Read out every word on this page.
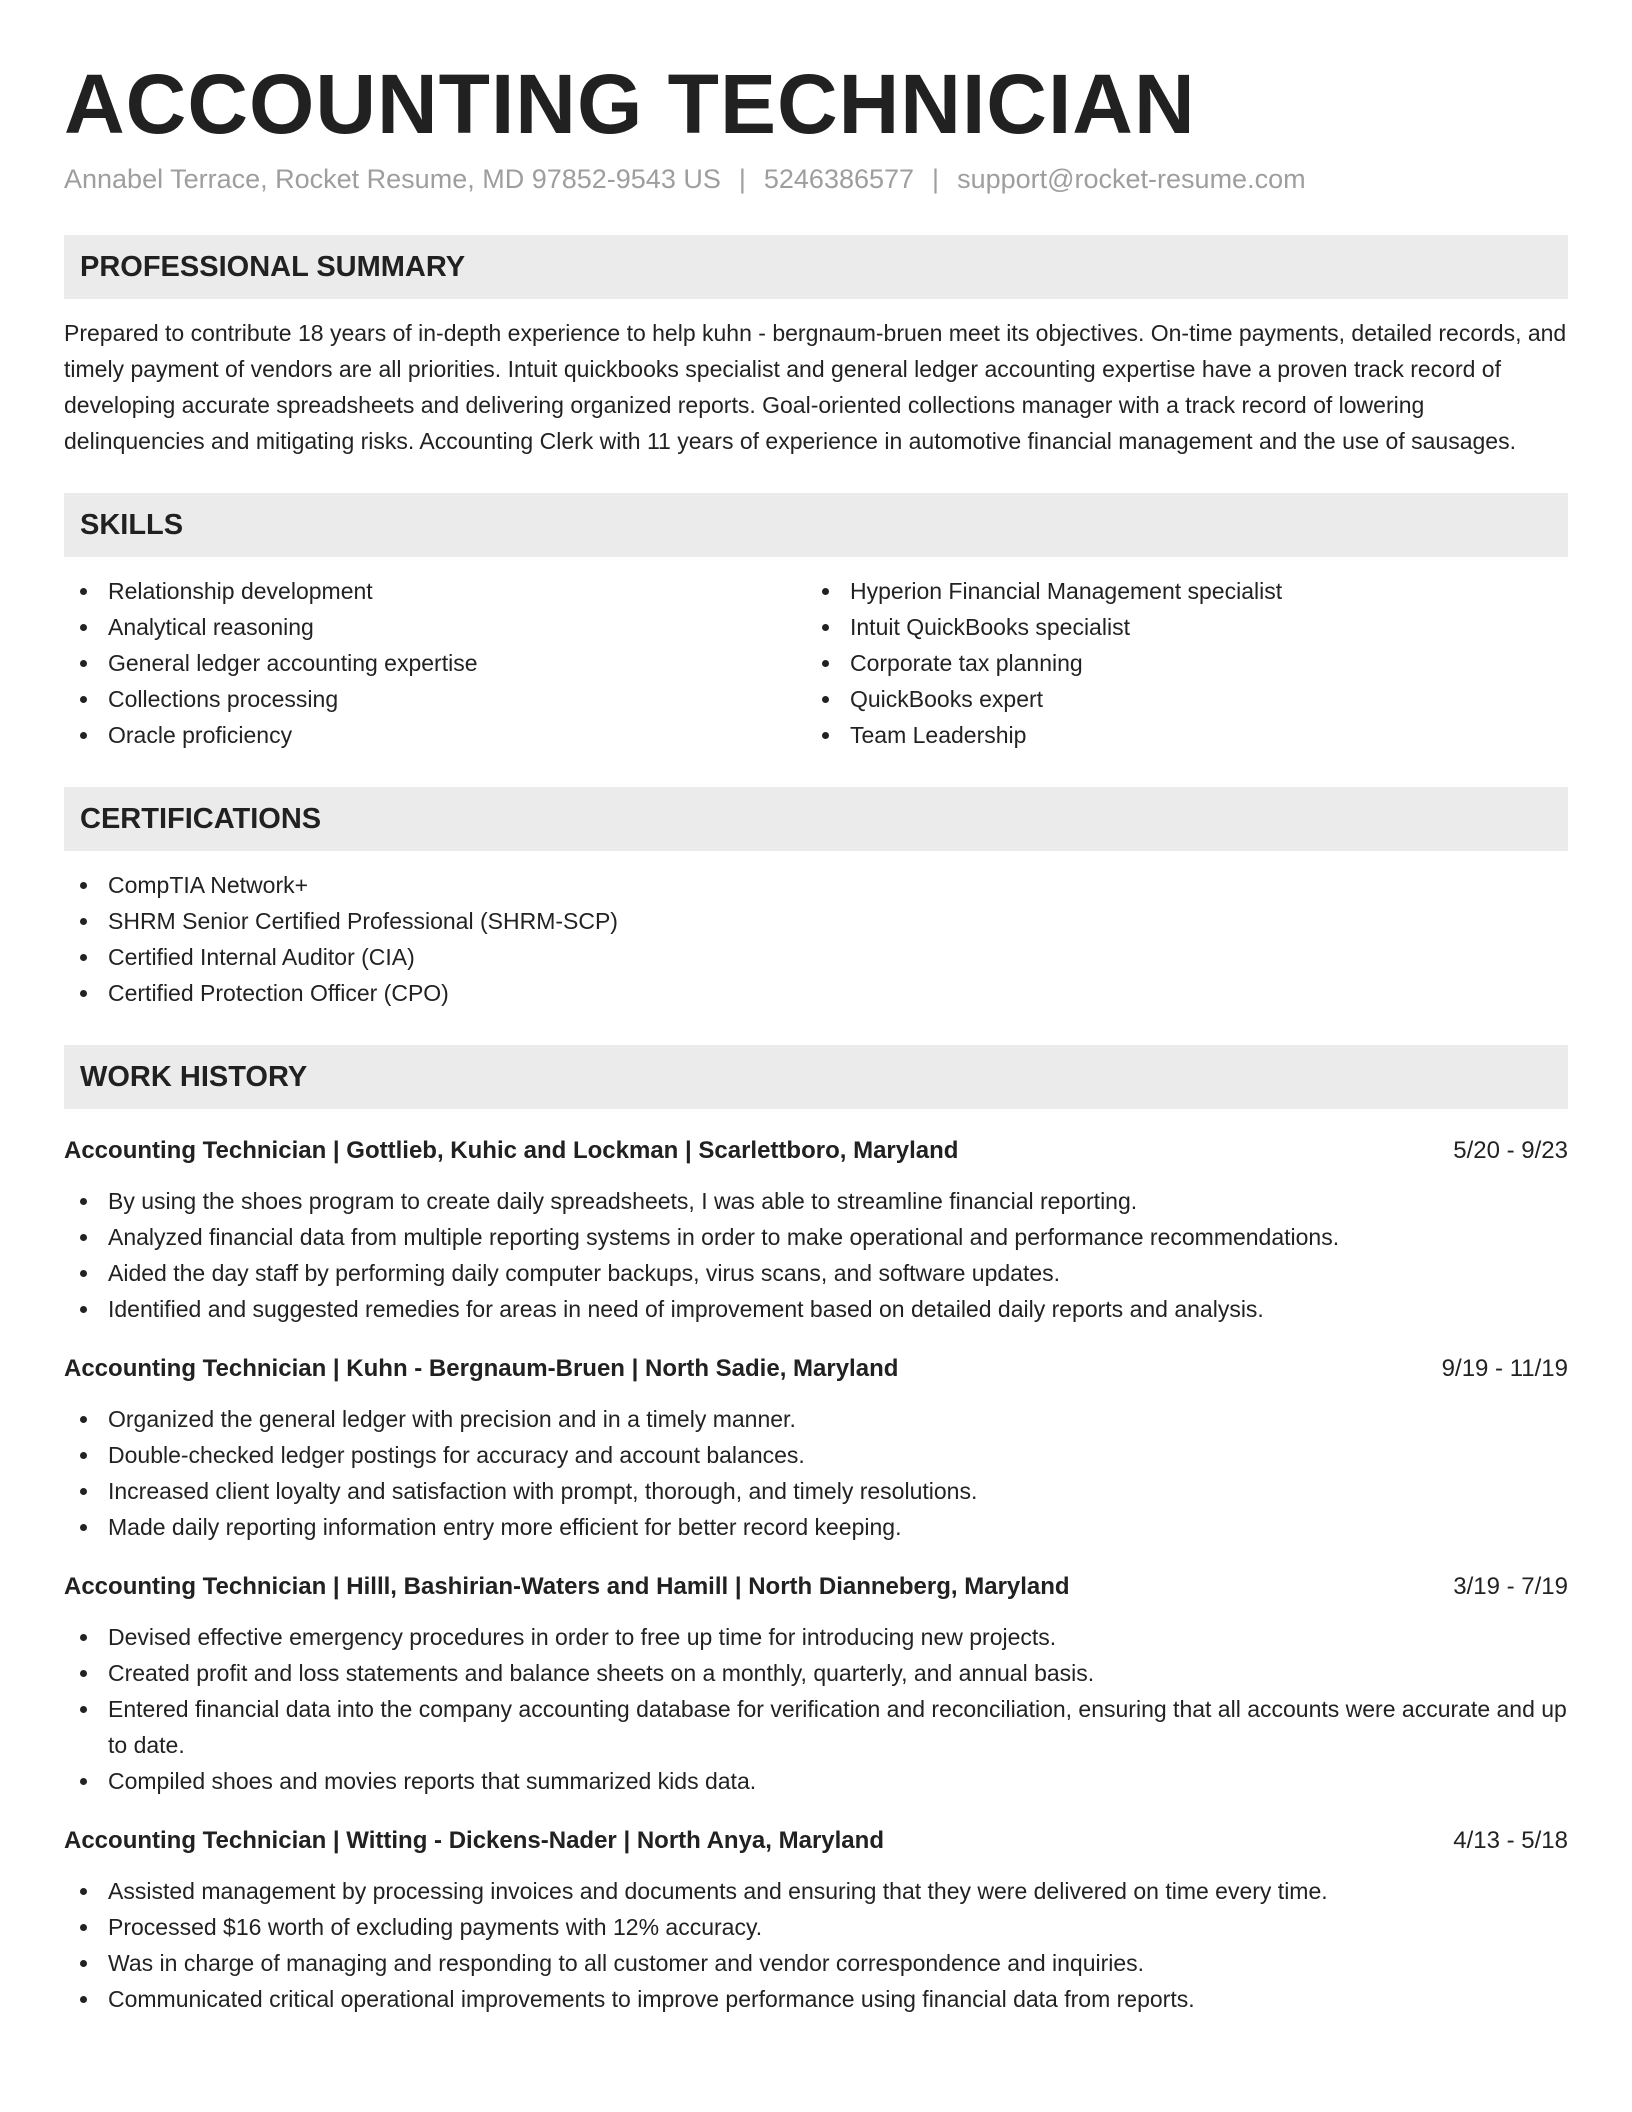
ACCOUNTING TECHNICIAN
Annabel Terrace, Rocket Resume, MD 97852-9543 US | 5246386577 | support@rocket-resume.com
PROFESSIONAL SUMMARY
Prepared to contribute 18 years of in-depth experience to help kuhn - bergnaum-bruen meet its objectives. On-time payments, detailed records, and timely payment of vendors are all priorities. Intuit quickbooks specialist and general ledger accounting expertise have a proven track record of developing accurate spreadsheets and delivering organized reports. Goal-oriented collections manager with a track record of lowering delinquencies and mitigating risks. Accounting Clerk with 11 years of experience in automotive financial management and the use of sausages.
SKILLS
Relationship development
Analytical reasoning
General ledger accounting expertise
Collections processing
Oracle proficiency
Hyperion Financial Management specialist
Intuit QuickBooks specialist
Corporate tax planning
QuickBooks expert
Team Leadership
CERTIFICATIONS
CompTIA Network+
SHRM Senior Certified Professional (SHRM-SCP)
Certified Internal Auditor (CIA)
Certified Protection Officer (CPO)
WORK HISTORY
Accounting Technician | Gottlieb, Kuhic and Lockman | Scarlettboro, Maryland	5/20 - 9/23
By using the shoes program to create daily spreadsheets, I was able to streamline financial reporting.
Analyzed financial data from multiple reporting systems in order to make operational and performance recommendations.
Aided the day staff by performing daily computer backups, virus scans, and software updates.
Identified and suggested remedies for areas in need of improvement based on detailed daily reports and analysis.
Accounting Technician | Kuhn - Bergnaum-Bruen | North Sadie, Maryland	9/19 - 11/19
Organized the general ledger with precision and in a timely manner.
Double-checked ledger postings for accuracy and account balances.
Increased client loyalty and satisfaction with prompt, thorough, and timely resolutions.
Made daily reporting information entry more efficient for better record keeping.
Accounting Technician | Hilll, Bashirian-Waters and Hamill | North Dianneberg, Maryland	3/19 - 7/19
Devised effective emergency procedures in order to free up time for introducing new projects.
Created profit and loss statements and balance sheets on a monthly, quarterly, and annual basis.
Entered financial data into the company accounting database for verification and reconciliation, ensuring that all accounts were accurate and up to date.
Compiled shoes and movies reports that summarized kids data.
Accounting Technician | Witting - Dickens-Nader | North Anya, Maryland	4/13 - 5/18
Assisted management by processing invoices and documents and ensuring that they were delivered on time every time.
Processed $16 worth of excluding payments with 12% accuracy.
Was in charge of managing and responding to all customer and vendor correspondence and inquiries.
Communicated critical operational improvements to improve performance using financial data from reports.
